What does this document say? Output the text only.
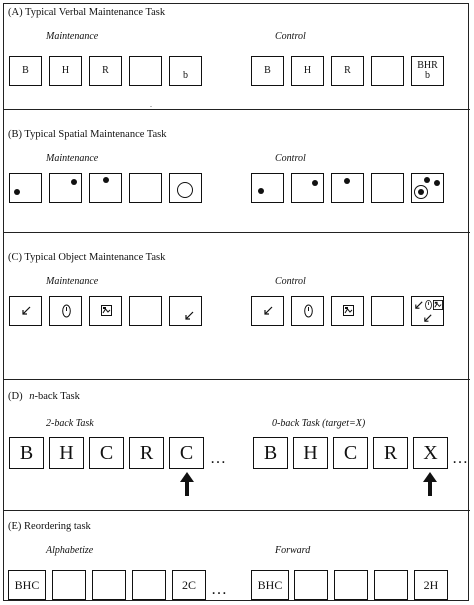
(A) Typical Verbal Maintenance Task
Maintenance	Control
B	H	R	b	B	H	R	BHR
b
(B) Typical Spatial Maintenance Task
Maintenance	Control
(C) Typical Object Maintenance Task
Maintenance	Control
(D) n-back Task
2-back Task	0-back Task (target=X)
B	H	C	R	C	…	B	H	C	R	X …
(E) Reordering task
Alphabetize	Forward
BHC	2C …	BHC	2H
